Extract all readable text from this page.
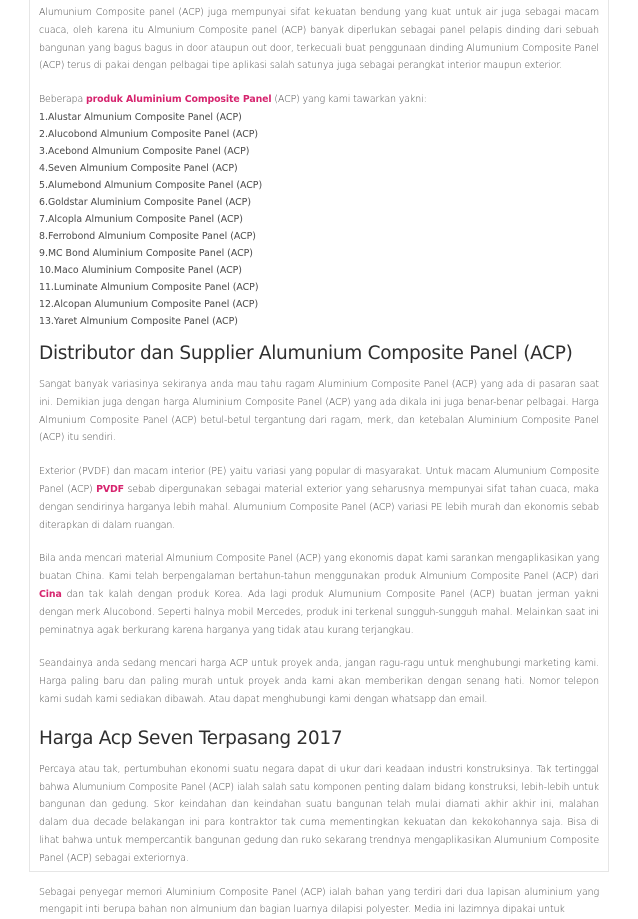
Alumunium Composite panel (ACP) juga mempunyai sifat kekuatan bendung yang kuat untuk air juga sebagai macam cuaca, oleh karena itu Almunium Composite panel (ACP) banyak diperlukan sebagai panel pelapis dinding dari sebuah bangunan yang bagus bagus in door ataupun out door, terkecuali buat penggunaan dinding Alumunium Composite Panel (ACP) terus di pakai dengan pelbagai tipe aplikasi salah satunya juga sebagai perangkat interior maupun exterior.

Beberapa produk Aluminium Composite Panel (ACP) yang kami tawarkan yakni:

1.Alustar Almunium Composite Panel (ACP)
2.Alucobond Almunium Composite Panel (ACP)
3.Acebond Almunium Composite Panel (ACP)
4.Seven Almunium Composite Panel (ACP)
5.Alumebond Almunium Composite Panel (ACP)
6.Goldstar Aluminium Composite Panel (ACP)
7.Alcopla Almunium Composite Panel (ACP)
8.Ferrobond Almunium Composite Panel (ACP)
9.MC Bond Aluminium Composite Panel (ACP)
10.Maco Aluminium Composite Panel (ACP)
11.Luminate Almunium Composite Panel (ACP)
12.Alcopan Alumunium Composite Panel (ACP)
13.Yaret Almunium Composite Panel (ACP)
Distributor dan Supplier Alumunium Composite Panel (ACP)

Sangat banyak variasinya sekiranya anda mau tahu ragam Aluminium Composite Panel (ACP) yang ada di pasaran saat ini. Demikian juga dengan harga Aluminium Composite Panel (ACP) yang ada dikala ini juga benar-benar pelbagai. Harga Almunium Composite Panel (ACP) betul-betul tergantung dari ragam, merk, dan ketebalan Aluminium Composite Panel (ACP) itu sendiri.

Exterior (PVDF) dan macam interior (PE) yaitu variasi yang popular di masyarakat. Untuk macam Alumunium Composite Panel (ACP) PVDF sebab dipergunakan sebagai material exterior yang seharusnya mempunyai sifat tahan cuaca, maka dengan sendirinya harganya lebih mahal. Alumunium Composite Panel (ACP) variasi PE lebih murah dan ekonomis sebab diterapkan di dalam ruangan.

Bila anda mencari material Almunium Composite Panel (ACP) yang ekonomis dapat kami sarankan mengaplikasikan yang buatan China. Kami telah berpengalaman bertahun-tahun menggunakan produk Almunium Composite Panel (ACP) dari Cina dan tak kalah dengan produk Korea. Ada lagi produk Alumunium Composite Panel (ACP) buatan jerman yakni dengan merk Alucobond. Seperti halnya mobil Mercedes, produk ini terkenal sungguh-sungguh mahal. Melainkan saat ini peminatnya agak berkurang karena harganya yang tidak atau kurang terjangkau.

Seandainya anda sedang mencari harga ACP untuk proyek anda, jangan ragu-ragu untuk menghubungi marketing kami. Harga paling baru dan paling murah untuk proyek anda kami akan memberikan dengan senang hati. Nomor telepon kami sudah kami sediakan dibawah. Atau dapat menghubungi kami dengan whatsapp dan email.

Harga Acp Seven Terpasang 2017

Percaya atau tak, pertumbuhan ekonomi suatu negara dapat di ukur dari keadaan industri konstruksinya. Tak tertinggal bahwa Alumunium Composite Panel (ACP) ialah salah satu komponen penting dalam bidang konstruksi, lebih-lebih untuk bangunan dan gedung. Skor keindahan dan keindahan suatu bangunan telah mulai diamati akhir akhir ini, malahan dalam dua decade belakangan ini para kontraktor tak cuma mementingkan kekuatan dan kekokohannya saja. Bisa di lihat bahwa untuk mempercantik bangunan gedung dan ruko sekarang trendnya mengaplikasikan Alumunium Composite Panel (ACP) sebagai exteriornya.

Sebagai penyegar memori Aluminium Composite Panel (ACP) ialah bahan yang terdiri dari dua lapisan aluminium yang mengapit inti berupa bahan non almunium dan bagian luarnya dilapisi polyester. Media ini lazimnya dipakai untuk
